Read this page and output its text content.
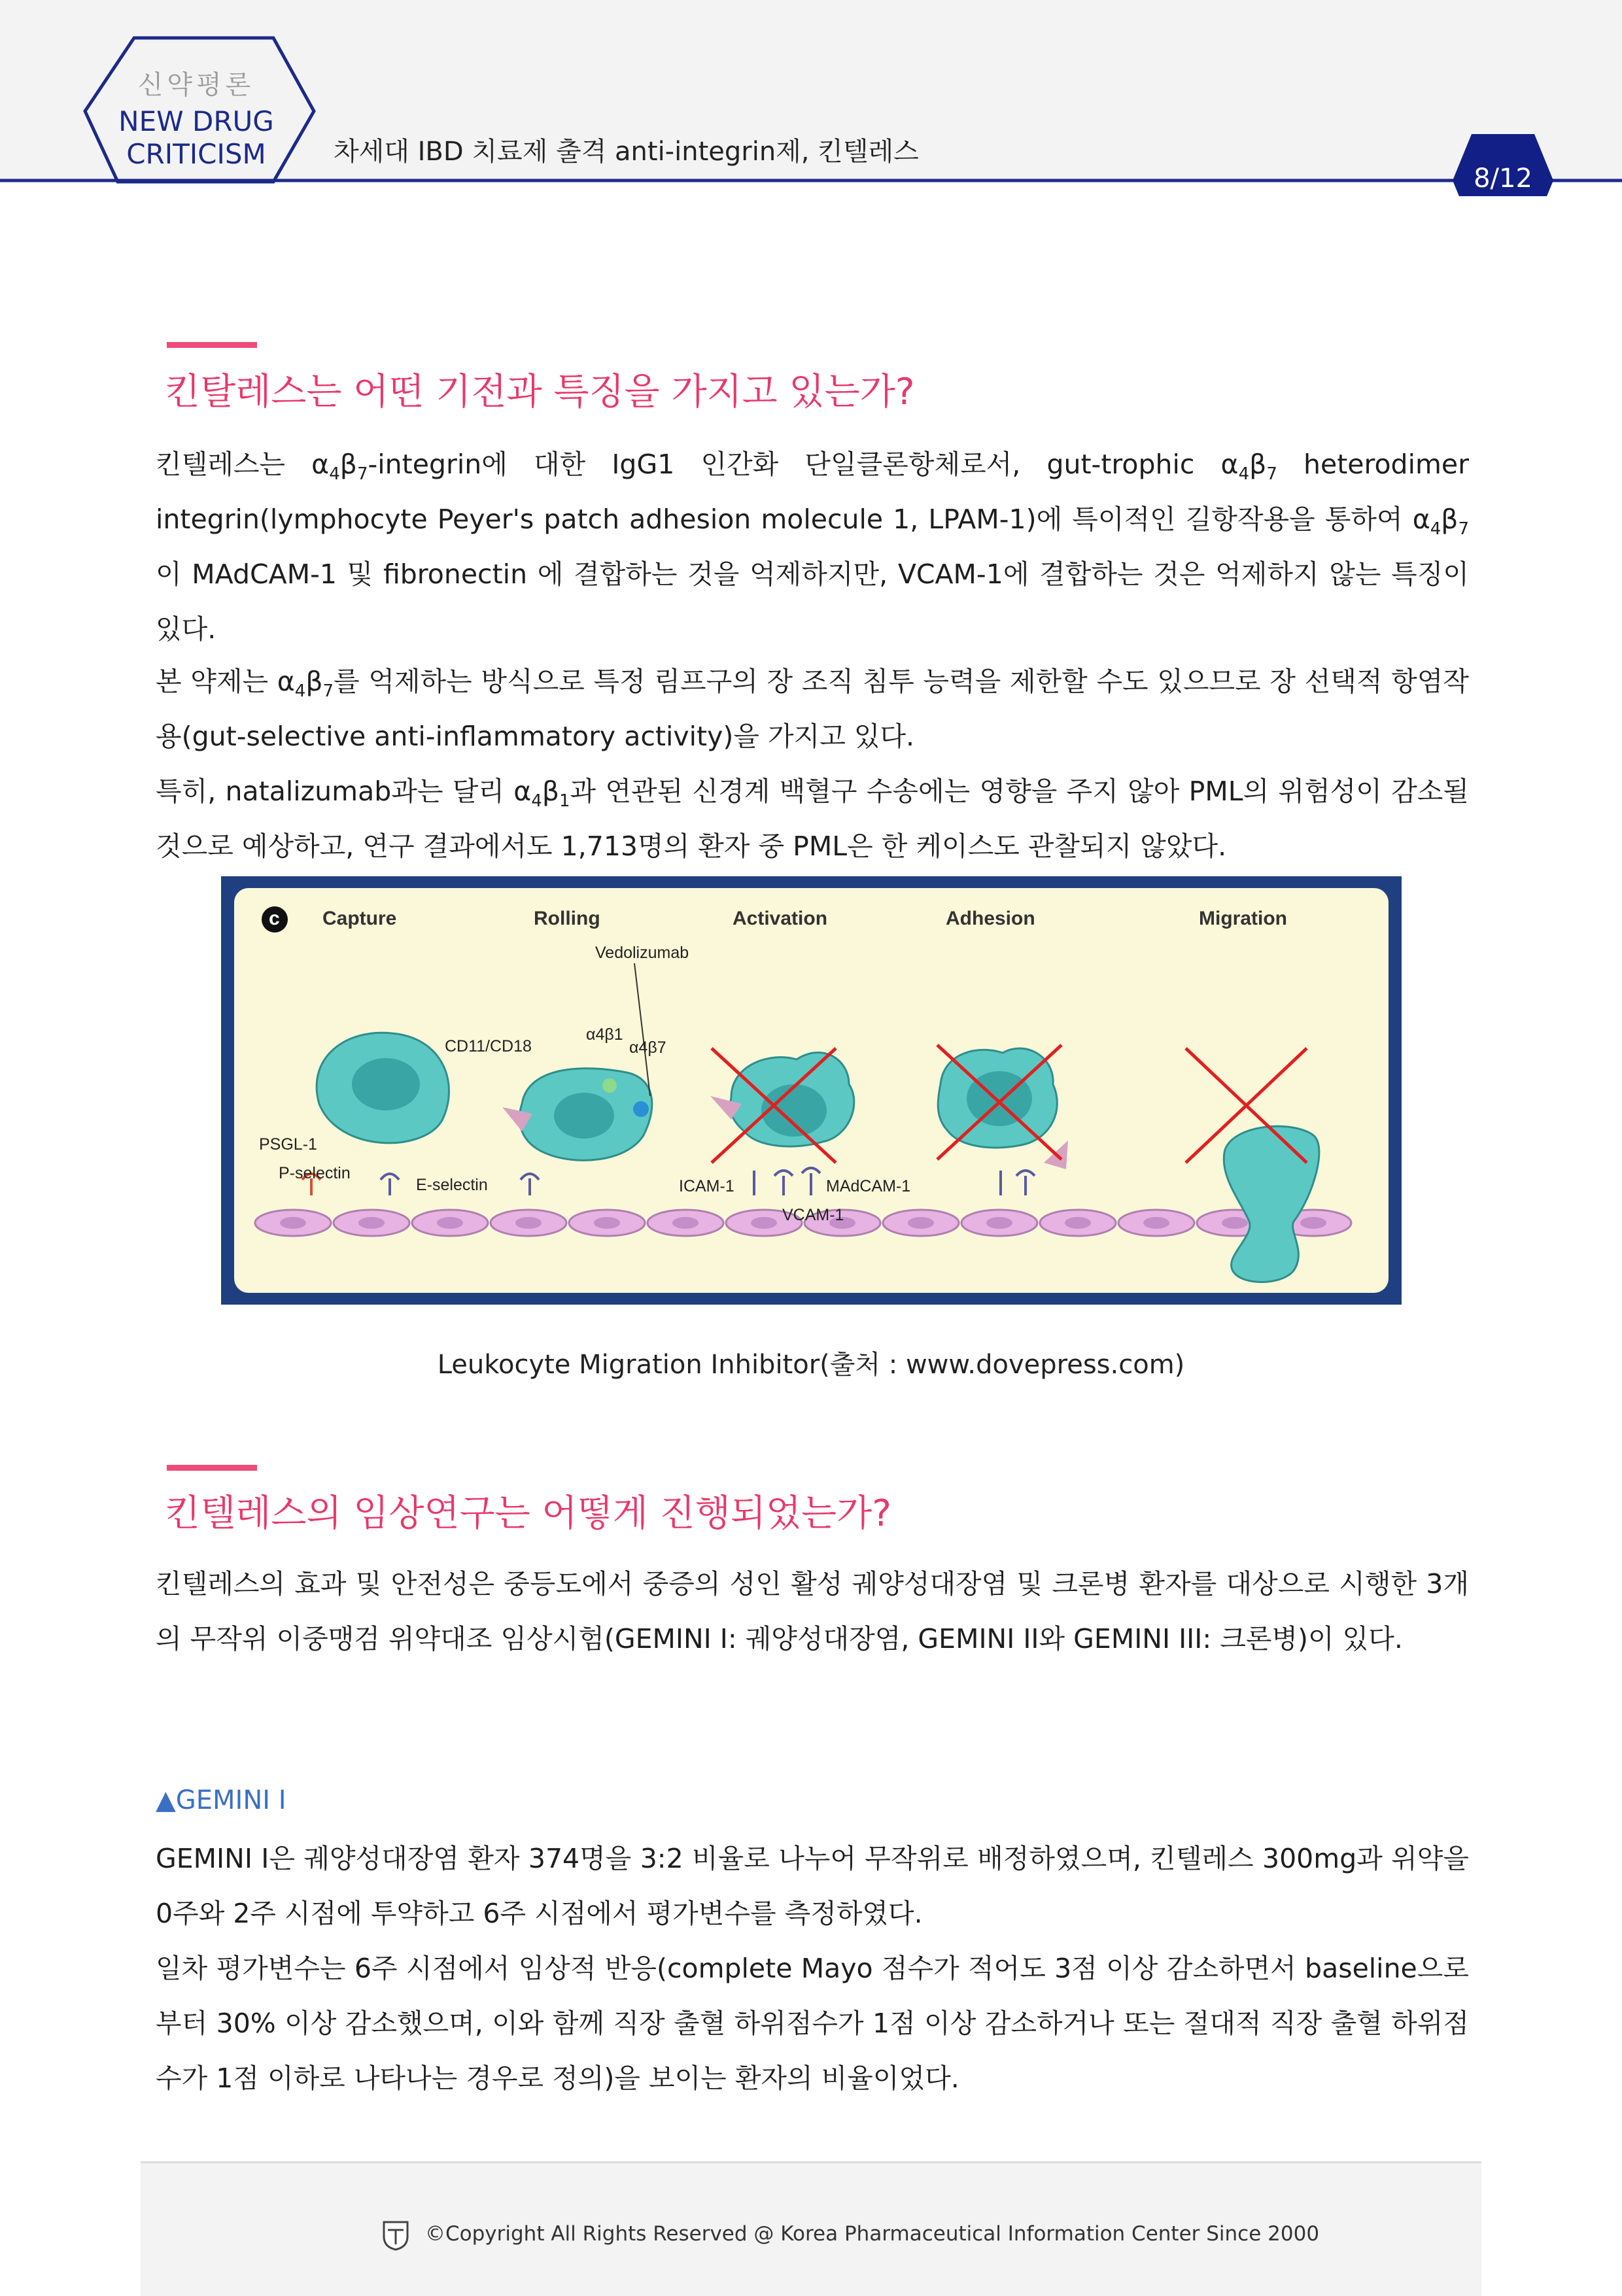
신약평론
NEW DRUG
CRITICISM	차세대 IBD 치료제 출격 anti-integrin제, 킨텔레스
8/12
킨탈레스는 어떤 기전과 특징을 가지고 있는가?
킨텔레스는 $\alpha_4\beta_7$-integrin에 대한 IgG1 인간화 단일클론항체로서, gut-trophic $\alpha_4\beta_7$ heterodimer integrin(lymphocyte Peyer's patch adhesion molecule 1, LPAM-1)에 특이적인 길항작용을 통하여 $\alpha_4\beta_7$이 MAdCAM-1 및 fibronectin 에 결합하는 것을 억제하지만, VCAM-1에 결합하는 것은 억제하지 않는 특징이 있다.
본 약제는 $\alpha_4\beta_7$를 억제하는 방식으로 특정 림프구의 장 조직 침투 능력을 제한할 수도 있으므로 장 선택적 항염작용(gut-selective anti-inflammatory activity)을 가지고 있다.
특히, natalizumab과는 달리 $\alpha_4\beta_1$과 연관된 신경계 백혈구 수송에는 영향을 주지 않아 PML의 위험성이 감소될 것으로 예상하고, 연구 결과에서도 1,713명의 환자 중 PML은 한 케이스도 관찰되지 않았다.
c Capture	Rolling	Activation	Adhesion	Migration
Vedolizumab
CD11/CD18
α4β1
α4β7
PSGL-1
P-selectin
E-selectin	ICAM-1	MAdCAM-1
VCAM-1
Leukocyte Migration Inhibitor(출처 : www.dovepress.com)
킨텔레스의 임상연구는 어떻게 진행되었는가?
킨텔레스의 효과 및 안전성은 중등도에서 중증의 성인 활성 궤양성대장염 및 크론병 환자를 대상으로 시행한 3개의 무작위 이중맹검 위약대조 임상시험(GEMINI I: 궤양성대장염, GEMINI II와 GEMINI III: 크론병)이 있다.
▲GEMINI I
GEMINI I은 궤양성대장염 환자 374명을 3:2 비율로 나누어 무작위로 배정하였으며, 킨텔레스 300mg과 위약을 0주와 2주 시점에 투약하고 6주 시점에서 평가변수를 측정하였다.
일차 평가변수는 6주 시점에서 임상적 반응(complete Mayo 점수가 적어도 3점 이상 감소하면서 baseline으로부터 30% 이상 감소했으며, 이와 함께 직장 출혈 하위점수가 1점 이상 감소하거나 또는 절대적 직장 출혈 하위점수가 1점 이하로 나타나는 경우로 정의)을 보이는 환자의 비율이었다.
©Copyright All Rights Reserved @ Korea Pharmaceutical Information Center Since 2000
